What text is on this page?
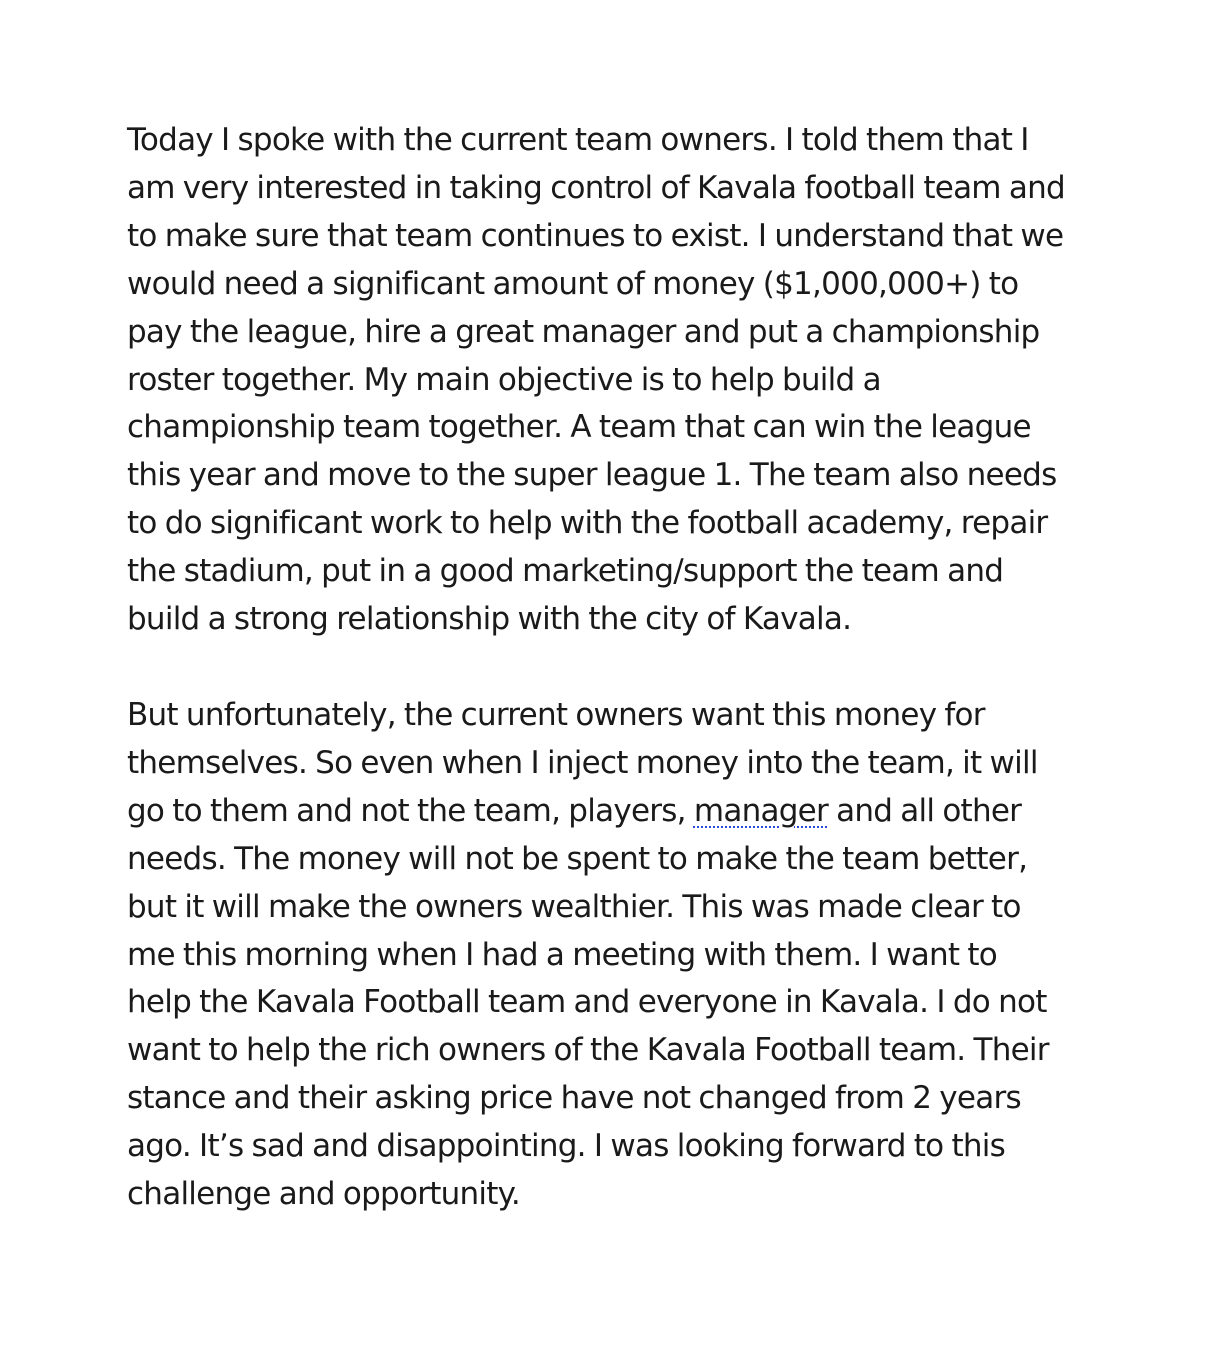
Today I spoke with the current team owners. I told them that I
am very interested in taking control of Kavala football team and
to make sure that team continues to exist. I understand that we
would need a significant amount of money ($1,000,000+) to
pay the league, hire a great manager and put a championship
roster together. My main objective is to help build a
championship team together. A team that can win the league
this year and move to the super league 1. The team also needs
to do significant work to help with the football academy, repair
the stadium, put in a good marketing/support the team and
build a strong relationship with the city of Kavala.
But unfortunately, the current owners want this money for
themselves. So even when I inject money into the team, it will
go to them and not the team, players, manager and all other
needs. The money will not be spent to make the team better,
but it will make the owners wealthier. This was made clear to
me this morning when I had a meeting with them. I want to
help the Kavala Football team and everyone in Kavala. I do not
want to help the rich owners of the Kavala Football team. Their
stance and their asking price have not changed from 2 years
ago. It’s sad and disappointing. I was looking forward to this
challenge and opportunity.
